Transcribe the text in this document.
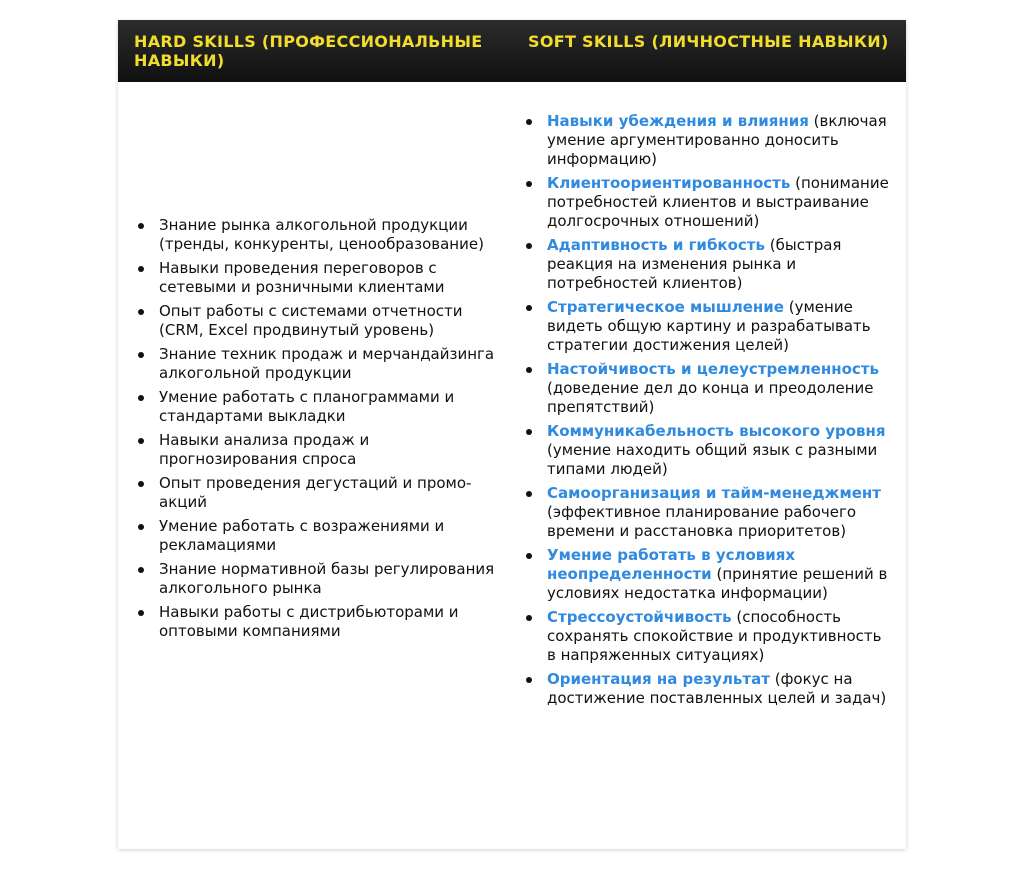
HARD SKILLS (ПРОФЕССИОНАЛЬНЫЕ НАВЫКИ)
SOFT SKILLS (ЛИЧНОСТНЫЕ НАВЫКИ)
Знание рынка алкогольной продукции (тренды, конкуренты, ценообразование)
Навыки проведения переговоров с сетевыми и розничными клиентами
Опыт работы с системами отчетности (CRM, Excel продвинутый уровень)
Знание техник продаж и мерчандайзинга алкогольной продукции
Умение работать с планограммами и стандартами выкладки
Навыки анализа продаж и прогнозирования спроса
Опыт проведения дегустаций и промо-акций
Умение работать с возражениями и рекламациями
Знание нормативной базы регулирования алкогольного рынка
Навыки работы с дистрибьюторами и оптовыми компаниями
Навыки убеждения и влияния (включая умение аргументированно доносить информацию)
Клиентоориентированность (понимание потребностей клиентов и выстраивание долгосрочных отношений)
Адаптивность и гибкость (быстрая реакция на изменения рынка и потребностей клиентов)
Стратегическое мышление (умение видеть общую картину и разрабатывать стратегии достижения целей)
Настойчивость и целеустремленность (доведение дел до конца и преодоление препятствий)
Коммуникабельность высокого уровня (умение находить общий язык с разными типами людей)
Самоорганизация и тайм-менеджмент (эффективное планирование рабочего времени и расстановка приоритетов)
Умение работать в условиях неопределенности (принятие решений в условиях недостатка информации)
Стрессоустойчивость (способность сохранять спокойствие и продуктивность в напряженных ситуациях)
Ориентация на результат (фокус на достижение поставленных целей и задач)
